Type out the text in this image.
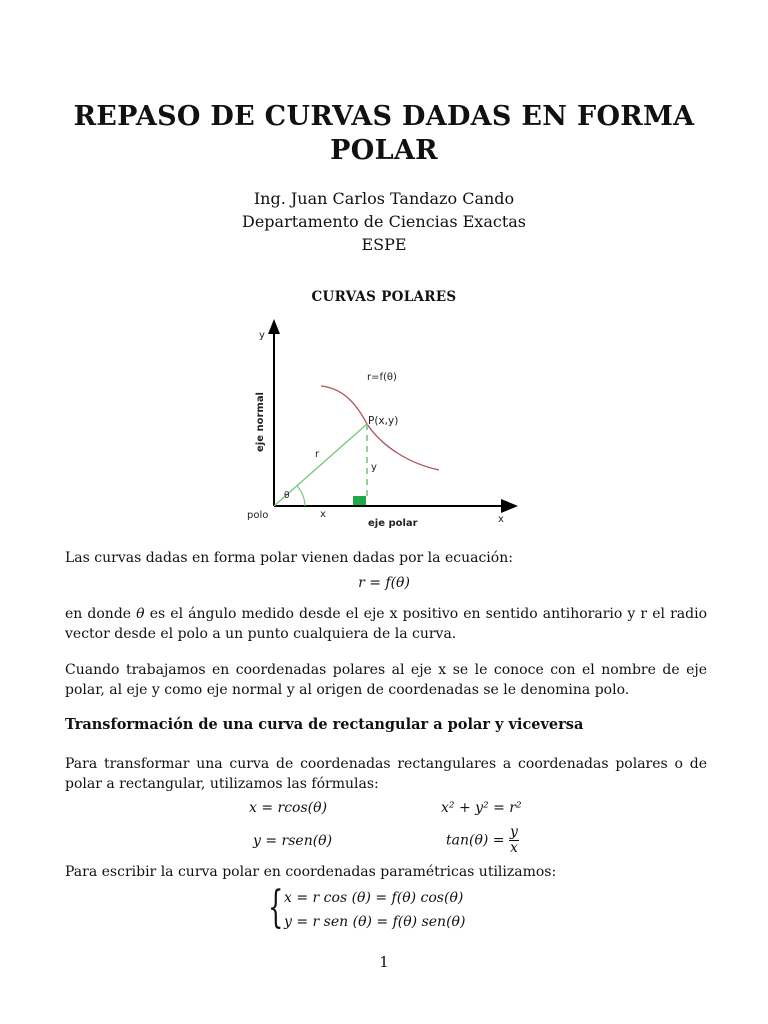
REPASO DE CURVAS DADAS EN FORMA
POLAR
Ing. Juan Carlos Tandazo Cando
Departamento de Ciencias Exactas
ESPE
CURVAS POLARES
y
eje normal
r=f(θ)
P(x,y)
r
y
θ
polo	x
eje polar	x

Las curvas dadas en forma polar vienen dadas por la ecuación:

r = f(θ)

en donde θ es el ángulo medido desde el eje x positivo en sentido antihorario y r el radio vector desde el polo a un punto cualquiera de la curva.

Cuando trabajamos en coordenadas polares al eje x se le conoce con el nombre de eje polar, al eje y como eje normal y al origen de coordenadas se le denomina polo.

Transformación de una curva de rectangular a polar y viceversa

Para transformar una curva de coordenadas rectangulares a coordenadas polares o de polar a rectangular, utilizamos las fórmulas:

x = rcos(θ)	x² + y² = r²
y = rsen(θ)	$\tan(\theta) = \frac{y}{x}$

Para escribir la curva polar en coordenadas paramétricas utilizamos:

{ x = r cos (θ) = f(θ) cos(θ)
y = r sen (θ) = f(θ) sen(θ)
1
